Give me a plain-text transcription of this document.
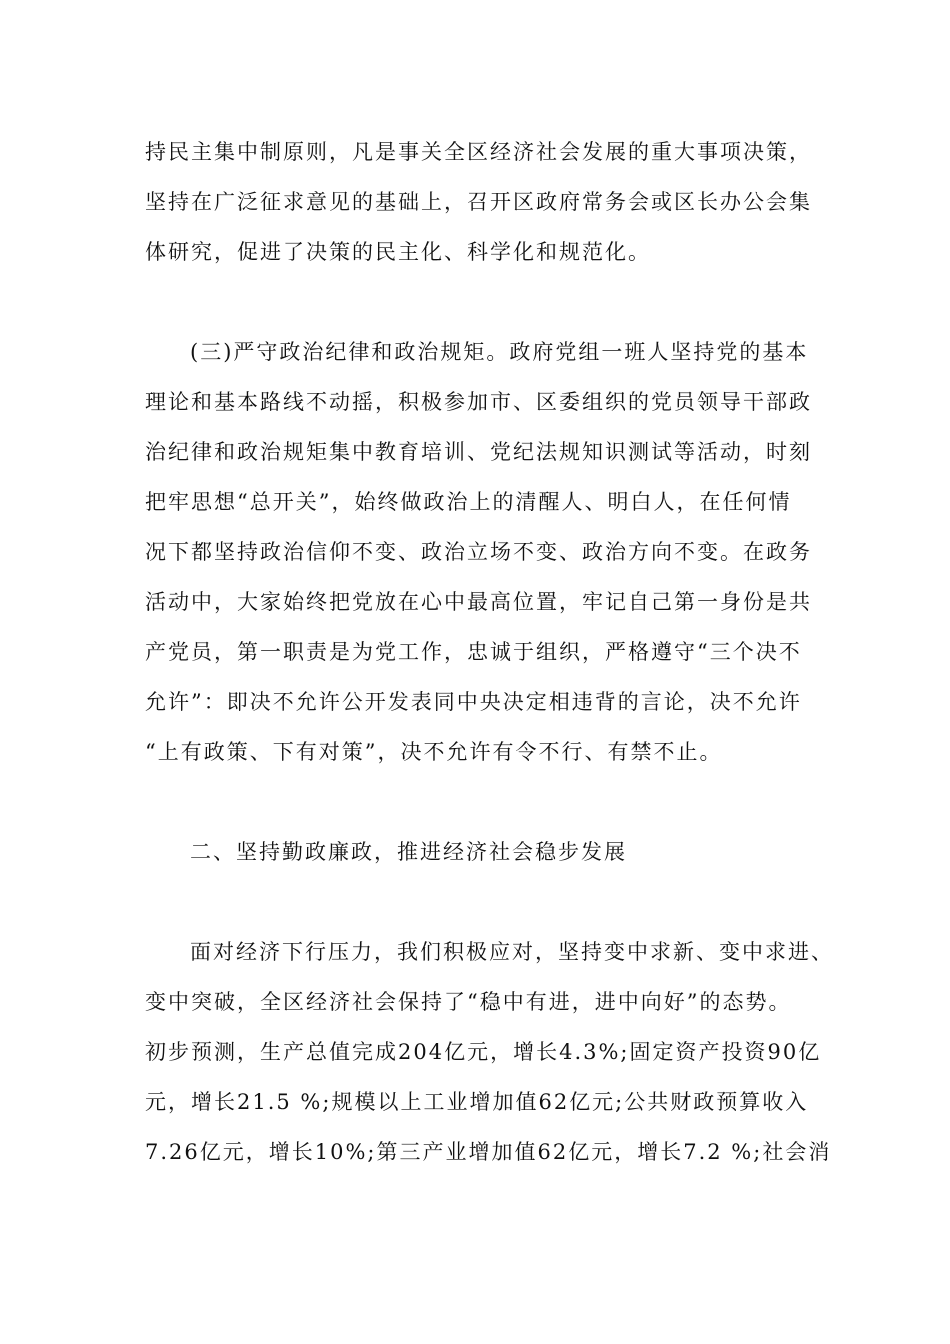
持民主集中制原则，凡是事关全区经济社会发展的重大事项决策，
坚持在广泛征求意见的基础上，召开区政府常务会或区长办公会集
体研究，促进了决策的民主化、科学化和规范化。
(三)严守政治纪律和政治规矩。政府党组一班人坚持党的基本
理论和基本路线不动摇，积极参加市、区委组织的党员领导干部政
治纪律和政治规矩集中教育培训、党纪法规知识测试等活动，时刻
把牢思想“总开关”，始终做政治上的清醒人、明白人，在任何情
况下都坚持政治信仰不变、政治立场不变、政治方向不变。在政务
活动中，大家始终把党放在心中最高位置，牢记自己第一身份是共
产党员，第一职责是为党工作，忠诚于组织，严格遵守“三个决不
允许”：即决不允许公开发表同中央决定相违背的言论，决不允许
“上有政策、下有对策”，决不允许有令不行、有禁不止。
二、坚持勤政廉政，推进经济社会稳步发展
面对经济下行压力，我们积极应对，坚持变中求新、变中求进、
变中突破，全区经济社会保持了“稳中有进，进中向好”的态势。
初步预测，生产总值完成204亿元，增长4.3%;固定资产投资90亿
元，增长21.5 %;规模以上工业增加值62亿元;公共财政预算收入
7.26亿元，增长10%;第三产业增加值62亿元，增长7.2 %;社会消
